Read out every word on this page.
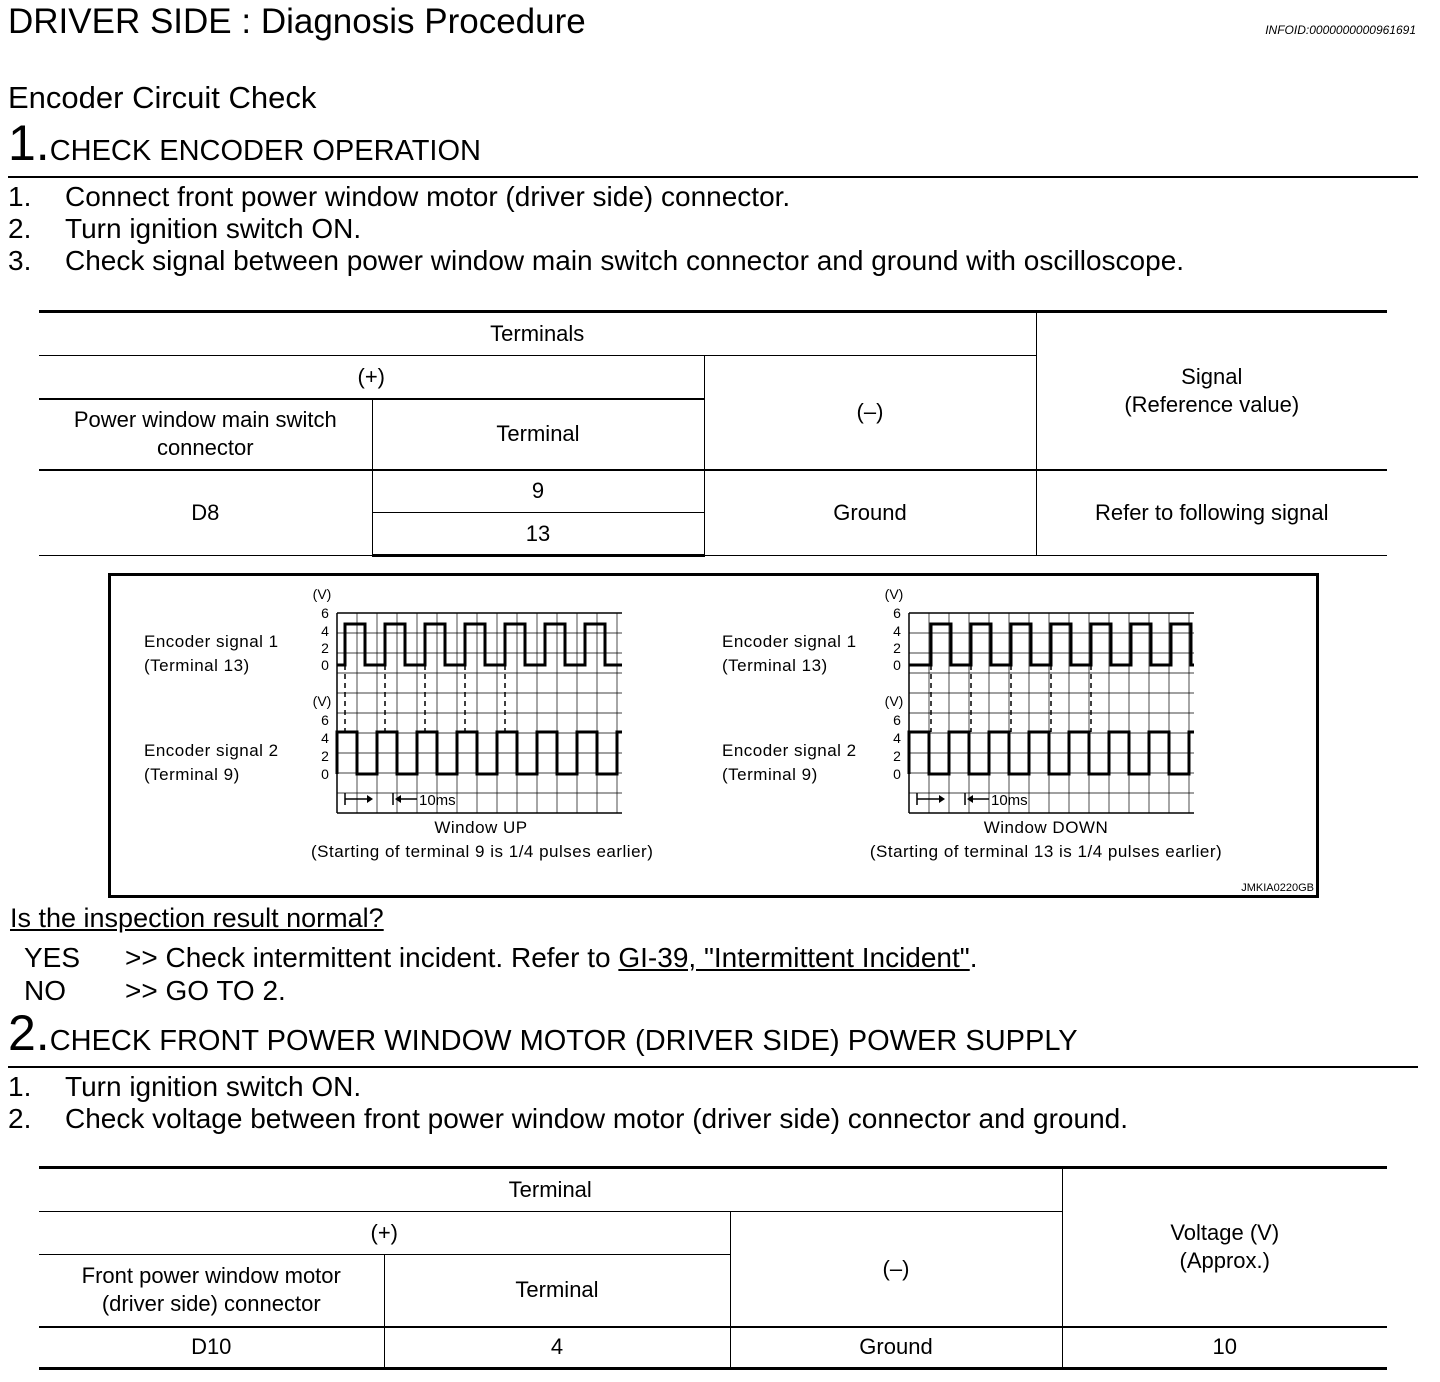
DRIVER SIDE : Diagnosis Procedure	INFOID:0000000000961691
Encoder Circuit Check
1.CHECK ENCODER OPERATION
1. Connect front power window motor (driver side) connector.
2. Turn ignition switch ON.
3. Check signal between power window main switch connector and ground with oscilloscope.
Terminals			Signal
(Reference value)

(+)		(–)	
Power window main switch connector	Terminal		
D8	9	Ground	Refer to following signal
	13		
(V)
6
4
2
0
(V)
6
4
2
0
10ms
(V)
6
4
2
0
(V)
6
4
2
0
10ms
Encoder signal 1
(Terminal 13)
Encoder signal 2
(Terminal 9)
Window UP
(Starting of terminal 9 is 1/4 pulses earlier)
Encoder signal 1
(Terminal 13)
Encoder signal 2
(Terminal 9)
Window DOWN
(Starting of terminal 13 is 1/4 pulses earlier)
JMKIA0220GB
Is the inspection result normal?
YES >> Check intermittent incident. Refer to GI-39, "Intermittent Incident".
NO >> GO TO 2.
2.CHECK FRONT POWER WINDOW MOTOR (DRIVER SIDE) POWER SUPPLY
1. Turn ignition switch ON.
2. Check voltage between front power window motor (driver side) connector and ground.
Terminal			Voltage (V)
(Approx.)

(+)		(–)	

Front power window motor
(driver side) connector	Terminal		
D10	4	Ground	10
